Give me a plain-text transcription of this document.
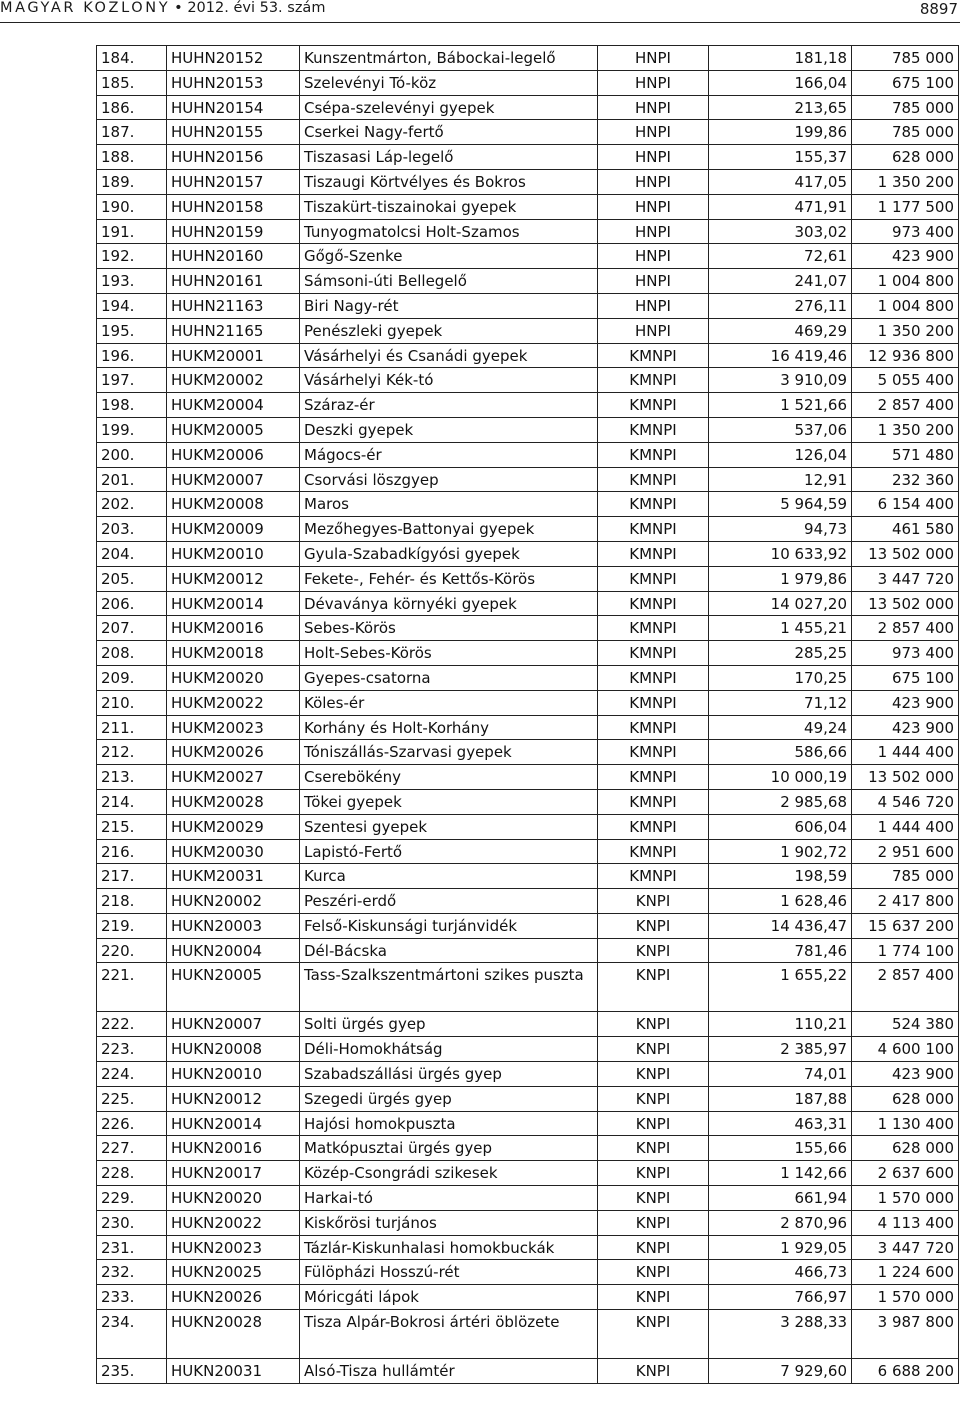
MAGYAR KÖZLÖNY • 2012. évi 53. szám	8897
184.	HUHN20152	Kunszentmárton, Bábockai-legelő	HNPI	181,18	785 000
185.	HUHN20153	Szelevényi Tó-köz	HNPI	166,04	675 100
186.	HUHN20154	Csépa-szelevényi gyepek	HNPI	213,65	785 000
187.	HUHN20155	Cserkei Nagy-fertő	HNPI	199,86	785 000
188.	HUHN20156	Tiszasasi Láp-legelő	HNPI	155,37	628 000
189.	HUHN20157	Tiszaugi Körtvélyes és Bokros	HNPI	417,05	1 350 200
190.	HUHN20158	Tiszakürt-tiszainokai gyepek	HNPI	471,91	1 177 500
191.	HUHN20159	Tunyogmatolcsi Holt-Szamos	HNPI	303,02	973 400
192.	HUHN20160	Gőgő-Szenke	HNPI	72,61	423 900
193.	HUHN20161	Sámsoni-úti Bellegelő	HNPI	241,07	1 004 800
194.	HUHN21163	Biri Nagy-rét	HNPI	276,11	1 004 800
195.	HUHN21165	Penészleki gyepek	HNPI	469,29	1 350 200
196.	HUKM20001	Vásárhelyi és Csanádi gyepek	KMNPI	16 419,46	12 936 800
197.	HUKM20002	Vásárhelyi Kék-tó	KMNPI	3 910,09	5 055 400
198.	HUKM20004	Száraz-ér	KMNPI	1 521,66	2 857 400
199.	HUKM20005	Deszki gyepek	KMNPI	537,06	1 350 200
200.	HUKM20006	Mágocs-ér	KMNPI	126,04	571 480
201.	HUKM20007	Csorvási löszgyep	KMNPI	12,91	232 360
202.	HUKM20008	Maros	KMNPI	5 964,59	6 154 400
203.	HUKM20009	Mezőhegyes-Battonyai gyepek	KMNPI	94,73	461 580
204.	HUKM20010	Gyula-Szabadkígyósi gyepek	KMNPI	10 633,92	13 502 000
205.	HUKM20012	Fekete-, Fehér- és Kettős-Körös	KMNPI	1 979,86	3 447 720
206.	HUKM20014	Dévaványa környéki gyepek	KMNPI	14 027,20	13 502 000
207.	HUKM20016	Sebes-Körös	KMNPI	1 455,21	2 857 400
208.	HUKM20018	Holt-Sebes-Körös	KMNPI	285,25	973 400
209.	HUKM20020	Gyepes-csatorna	KMNPI	170,25	675 100
210.	HUKM20022	Köles-ér	KMNPI	71,12	423 900
211.	HUKM20023	Korhány és Holt-Korhány	KMNPI	49,24	423 900
212.	HUKM20026	Tóniszállás-Szarvasi gyepek	KMNPI	586,66	1 444 400
213.	HUKM20027	Cserebökény	KMNPI	10 000,19	13 502 000
214.	HUKM20028	Tökei gyepek	KMNPI	2 985,68	4 546 720
215.	HUKM20029	Szentesi gyepek	KMNPI	606,04	1 444 400
216.	HUKM20030	Lapistó-Fertő	KMNPI	1 902,72	2 951 600
217.	HUKM20031	Kurca	KMNPI	198,59	785 000
218.	HUKN20002	Peszéri-erdő	KNPI	1 628,46	2 417 800
219.	HUKN20003	Felső-Kiskunsági turjánvidék	KNPI	14 436,47	15 637 200
220.	HUKN20004	Dél-Bácska	KNPI	781,46	1 774 100
221.	HUKN20005	Tass-Szalkszentmártoni szikes puszta	KNPI	1 655,22	2 857 400
222.	HUKN20007	Solti ürgés gyep	KNPI	110,21	524 380
223.	HUKN20008	Déli-Homokhátság	KNPI	2 385,97	4 600 100
224.	HUKN20010	Szabadszállási ürgés gyep	KNPI	74,01	423 900
225.	HUKN20012	Szegedi ürgés gyep	KNPI	187,88	628 000
226.	HUKN20014	Hajósi homokpuszta	KNPI	463,31	1 130 400
227.	HUKN20016	Matkópusztai ürgés gyep	KNPI	155,66	628 000
228.	HUKN20017	Közép-Csongrádi szikesek	KNPI	1 142,66	2 637 600
229.	HUKN20020	Harkai-tó	KNPI	661,94	1 570 000
230.	HUKN20022	Kiskőrösi turjános	KNPI	2 870,96	4 113 400
231.	HUKN20023	Tázlár-Kiskunhalasi homokbuckák	KNPI	1 929,05	3 447 720
232.	HUKN20025	Fülöpházi Hosszú-rét	KNPI	466,73	1 224 600
233.	HUKN20026	Móricgáti lápok	KNPI	766,97	1 570 000
234.	HUKN20028	Tisza Alpár-Bokrosi ártéri öblözete	KNPI	3 288,33	3 987 800
235.	HUKN20031	Alsó-Tisza hullámtér	KNPI	7 929,60	6 688 200
